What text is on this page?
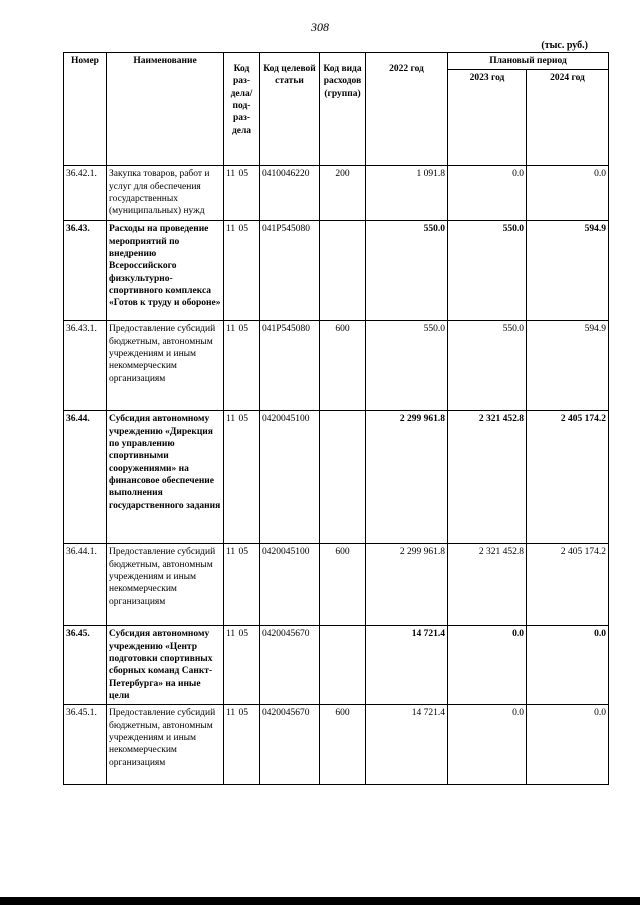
308
(тыс. руб.)
Номер	Наименование	Код раз-дела/ под-раз-дела	Код целевой статьи	Код вида расходов (группа)	2022 год	Плановый период	
						2023 год	2024 год
36.42.1.	Закупка товаров, работ и услуг для обеспечения государственных (муниципальных) нужд	11 05	0410046220	200	1 091.8	0.0	0.0
36.43.	Расходы на проведение мероприятий по внедрению Всероссийского физкультурно-спортивного комплекса «Готов к труду и обороне»	11 05	041P545080		550.0	550.0	594.9
36.43.1.	Предоставление субсидий бюджетным, автономным учреждениям и иным некоммерческим организациям	11 05	041P545080	600	550.0	550.0	594.9
36.44.	Субсидия автономному учреждению «Дирекция по управлению спортивными сооружениями» на финансовое обеспечение выполнения государственного задания	11 05	0420045100		2 299 961.8	2 321 452.8	2 405 174.2
36.44.1.	Предоставление субсидий бюджетным, автономным учреждениям и иным некоммерческим организациям	11 05	0420045100	600	2 299 961.8	2 321 452.8	2 405 174.2
36.45.	Субсидия автономному учреждению «Центр подготовки спортивных сборных команд Санкт-Петербурга» на иные цели	11 05	0420045670		14 721.4	0.0	0.0
36.45.1.	Предоставление субсидий бюджетным, автономным учреждениям и иным некоммерческим организациям	11 05	0420045670	600	14 721.4	0.0	0.0
